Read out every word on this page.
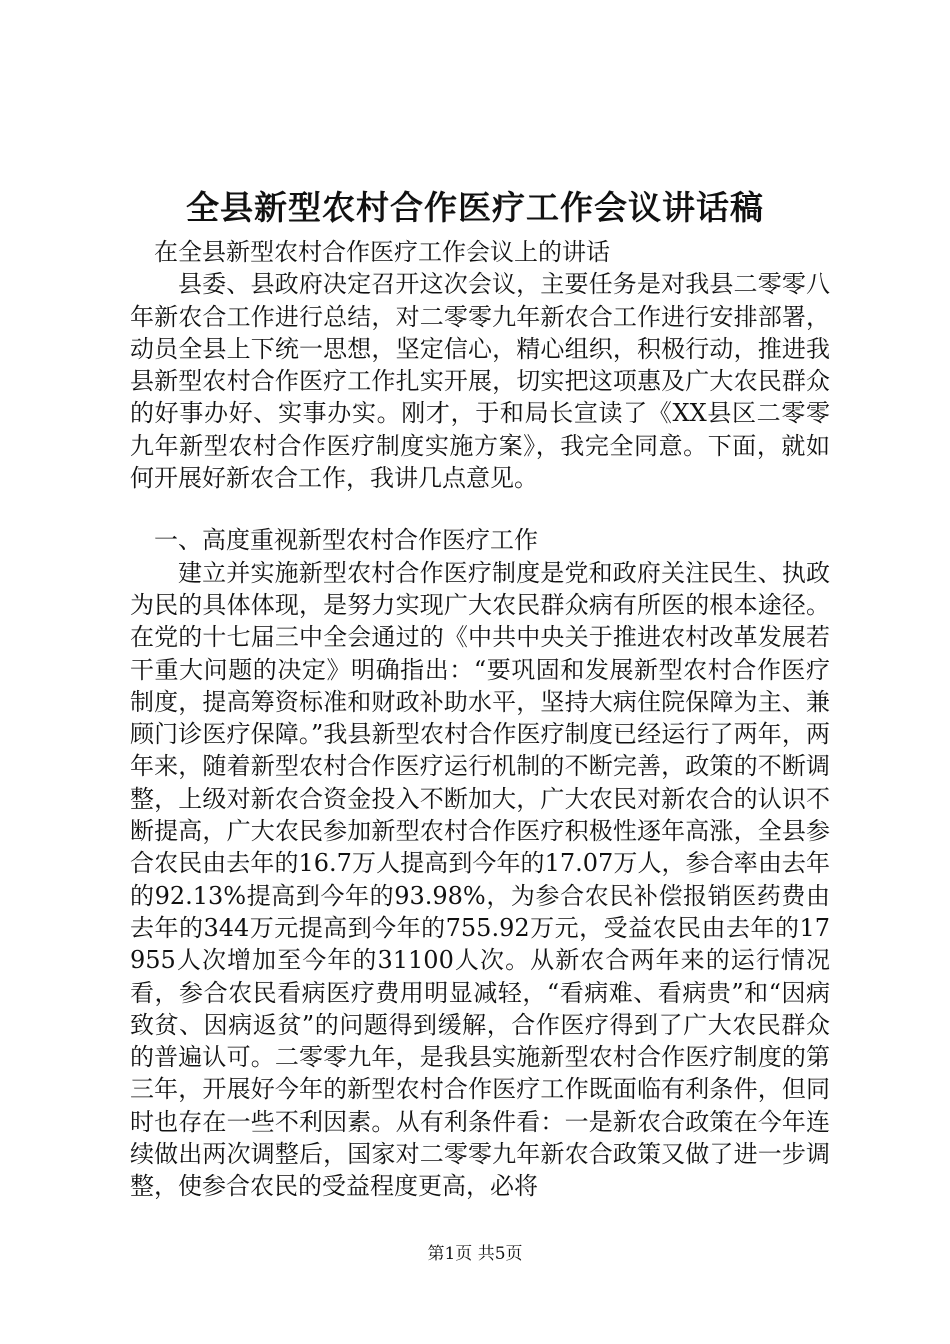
全县新型农村合作医疗工作会议讲话稿

在全县新型农村合作医疗工作会议上的讲话

县委、县政府决定召开这次会议，主要任务是对我县二零零八年新农合工作进行总结，对二零零九年新农合工作进行安排部署，动员全县上下统一思想，坚定信心，精心组织，积极行动，推进我县新型农村合作医疗工作扎实开展，切实把这项惠及广大农民群众的好事办好、实事办实。刚才，于和局长宣读了《XX县区二零零九年新型农村合作医疗制度实施方案》，我完全同意。下面，就如何开展好新农合工作，我讲几点意见。

一、高度重视新型农村合作医疗工作

建立并实施新型农村合作医疗制度是党和政府关注民生、执政为民的具体体现，是努力实现广大农民群众病有所医的根本途径。在党的十七届三中全会通过的《中共中央关于推进农村改革发展若干重大问题的决定》明确指出：“要巩固和发展新型农村合作医疗制度，提高筹资标准和财政补助水平，坚持大病住院保障为主、兼顾门诊医疗保障。”我县新型农村合作医疗制度已经运行了两年，两年来，随着新型农村合作医疗运行机制的不断完善，政策的不断调整，上级对新农合资金投入不断加大，广大农民对新农合的认识不断提高，广大农民参加新型农村合作医疗积极性逐年高涨，全县参合农民由去年的16.7万人提高到今年的17.07万人，参合率由去年的92.13%提高到今年的93.98%，为参合农民补偿报销医药费由去年的344万元提高到今年的755.92万元，受益农民由去年的17955人次增加至今年的31100人次。从新农合两年来的运行情况看，参合农民看病医疗费用明显减轻，“看病难、看病贵”和“因病致贫、因病返贫”的问题得到缓解，合作医疗得到了广大农民群众的普遍认可。二零零九年，是我县实施新型农村合作医疗制度的第三年，开展好今年的新型农村合作医疗工作既面临有利条件，但同时也存在一些不利因素。从有利条件看：一是新农合政策在今年连续做出两次调整后，国家对二零零九年新农合政策又做了进一步调整，使参合农民的受益程度更高，必将

第1页 共5页
